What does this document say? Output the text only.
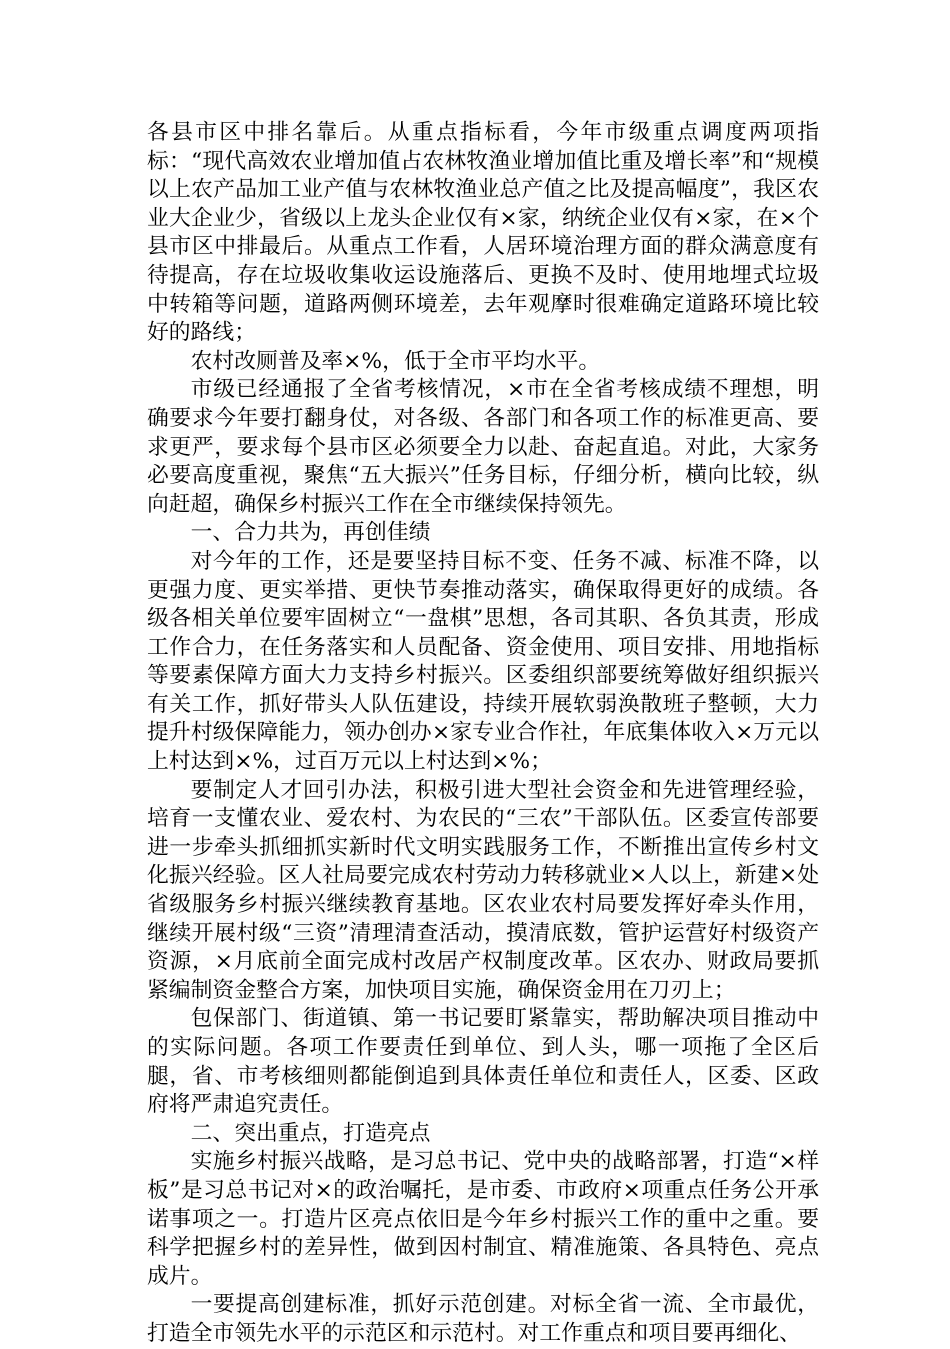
各县市区中排名靠后。从重点指标看，今年市级重点调度两项指标：“现代高效农业增加值占农林牧渔业增加值比重及增长率”和“规模以上农产品加工业产值与农林牧渔业总产值之比及提高幅度”，我区农业大企业少，省级以上龙头企业仅有×家，纳统企业仅有×家，在×个县市区中排最后。从重点工作看，人居环境治理方面的群众满意度有待提高，存在垃圾收集收运设施落后、更换不及时、使用地埋式垃圾中转箱等问题，道路两侧环境差，去年观摩时很难确定道路环境比较好的路线；

农村改厕普及率×%，低于全市平均水平。

市级已经通报了全省考核情况，×市在全省考核成绩不理想，明确要求今年要打翻身仗，对各级、各部门和各项工作的标准更高、要求更严，要求每个县市区必须要全力以赴、奋起直追。对此，大家务必要高度重视，聚焦“五大振兴”任务目标，仔细分析，横向比较，纵向赶超，确保乡村振兴工作在全市继续保持领先。

一、合力共为，再创佳绩

对今年的工作，还是要坚持目标不变、任务不减、标准不降，以更强力度、更实举措、更快节奏推动落实，确保取得更好的成绩。各级各相关单位要牢固树立“一盘棋”思想，各司其职、各负其责，形成工作合力，在任务落实和人员配备、资金使用、项目安排、用地指标等要素保障方面大力支持乡村振兴。区委组织部要统筹做好组织振兴有关工作，抓好带头人队伍建设，持续开展软弱涣散班子整顿，大力提升村级保障能力，领办创办×家专业合作社，年底集体收入×万元以上村达到×%，过百万元以上村达到×%；

要制定人才回引办法，积极引进大型社会资金和先进管理经验，培育一支懂农业、爱农村、为农民的“三农”干部队伍。区委宣传部要进一步牵头抓细抓实新时代文明实践服务工作，不断推出宣传乡村文化振兴经验。区人社局要完成农村劳动力转移就业×人以上，新建×处省级服务乡村振兴继续教育基地。区农业农村局要发挥好牵头作用，继续开展村级“三资”清理清查活动，摸清底数，管护运营好村级资产资源，×月底前全面完成村改居产权制度改革。区农办、财政局要抓紧编制资金整合方案，加快项目实施，确保资金用在刀刃上；

包保部门、街道镇、第一书记要盯紧靠实，帮助解决项目推动中的实际问题。各项工作要责任到单位、到人头，哪一项拖了全区后腿，省、市考核细则都能倒追到具体责任单位和责任人，区委、区政府将严肃追究责任。

二、突出重点，打造亮点

实施乡村振兴战略，是习总书记、党中央的战略部署，打造“×样板”是习总书记对×的政治嘱托，是市委、市政府×项重点任务公开承诺事项之一。打造片区亮点依旧是今年乡村振兴工作的重中之重。要科学把握乡村的差异性，做到因村制宜、精准施策、各具特色、亮点成片。

一要提高创建标准，抓好示范创建。对标全省一流、全市最优，打造全市领先水平的示范区和示范村。对工作重点和项目要再细化、
